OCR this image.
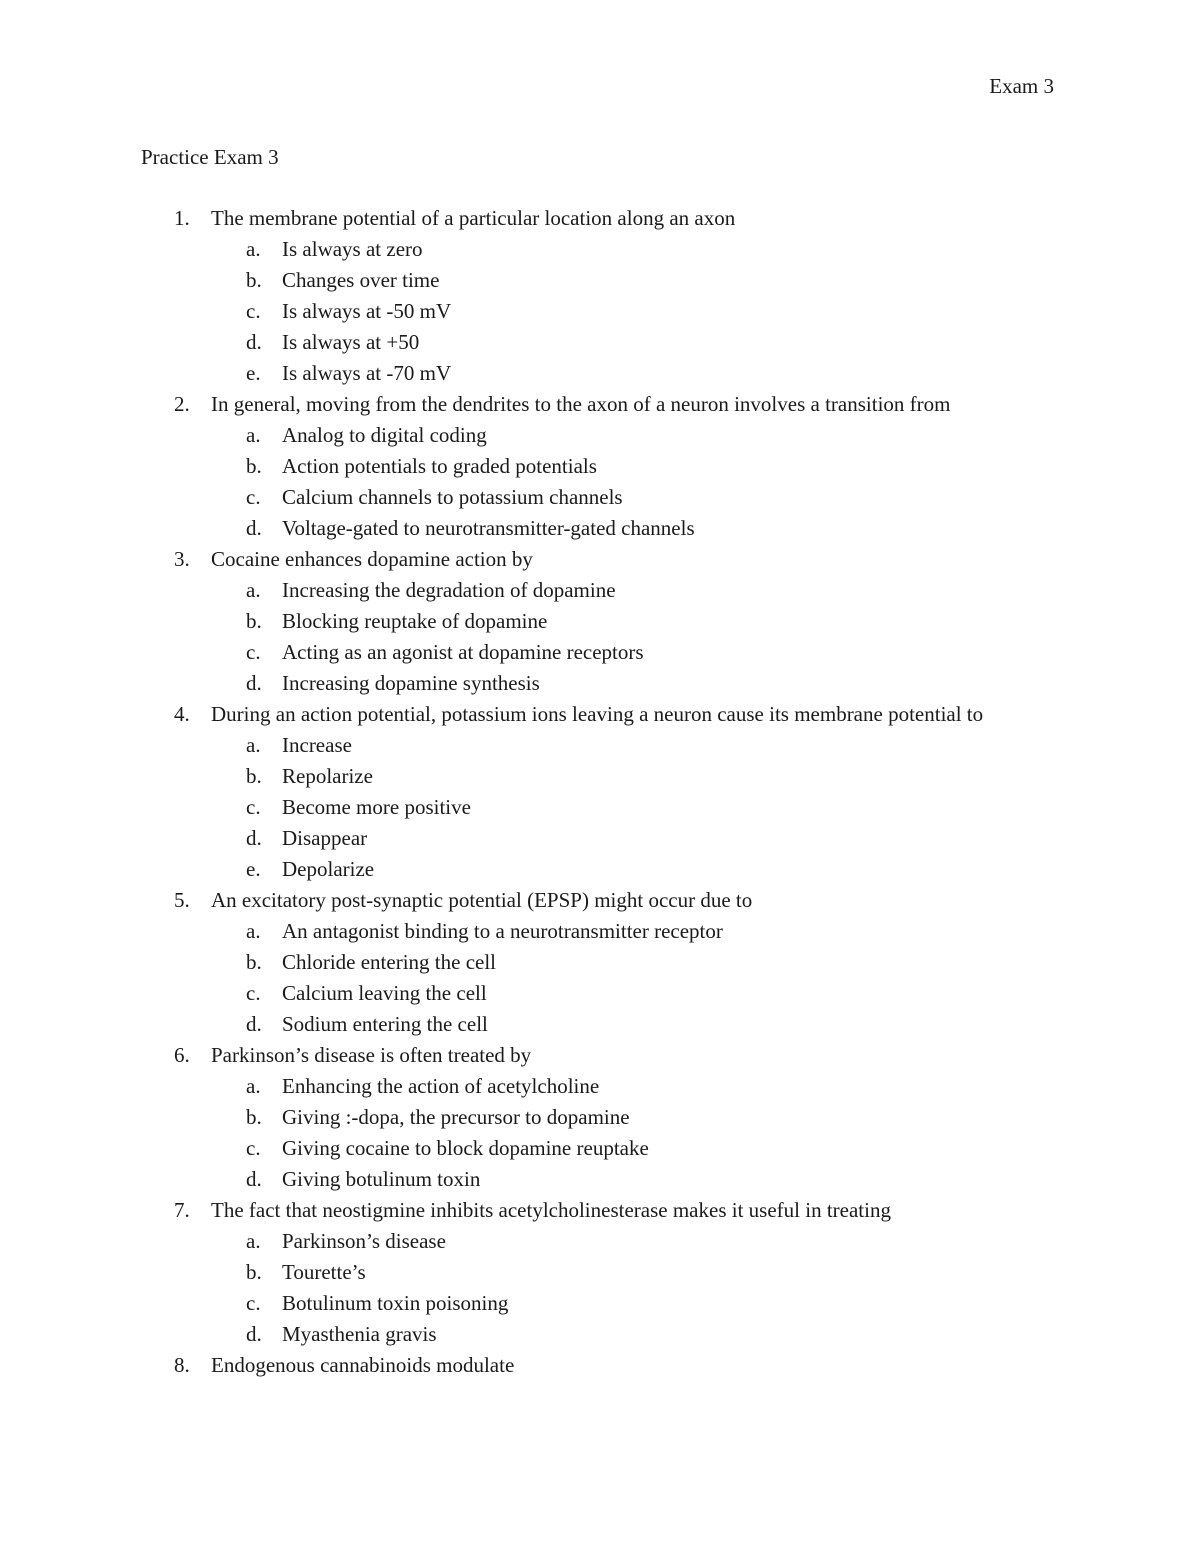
Exam 3
Practice Exam 3
1.	The membrane potential of a particular location along an axon
a.	Is always at zero
b. Changes over time
c.	Is always at -50 mV
d. Is always at +50
e.	Is always at -70 mV
2.	In general, moving from the dendrites to the axon of a neuron involves a transition from
a.	Analog to digital coding
b. Action potentials to graded potentials
c.	Calcium channels to potassium channels
d. Voltage-gated to neurotransmitter-gated channels
3.	Cocaine enhances dopamine action by
a.	Increasing the degradation of dopamine
b. Blocking reuptake of dopamine
c.	Acting as an agonist at dopamine receptors
d. Increasing dopamine synthesis
4.	During an action potential, potassium ions leaving a neuron cause its membrane potential to
a.	Increase
b. Repolarize
c.	Become more positive
d. Disappear
e.	Depolarize
5.	An excitatory post-synaptic potential (EPSP) might occur due to
a.	An antagonist binding to a neurotransmitter receptor
b. Chloride entering the cell
c.	Calcium leaving the cell
d. Sodium entering the cell
6.	Parkinson’s disease is often treated by
a.	Enhancing the action of acetylcholine
b. Giving :-dopa, the precursor to dopamine
c.	Giving cocaine to block dopamine reuptake
d. Giving botulinum toxin
7.	The fact that neostigmine inhibits acetylcholinesterase makes it useful in treating
a.	Parkinson’s disease
b. Tourette’s
c.	Botulinum toxin poisoning
d. Myasthenia gravis
8.	Endogenous cannabinoids modulate
